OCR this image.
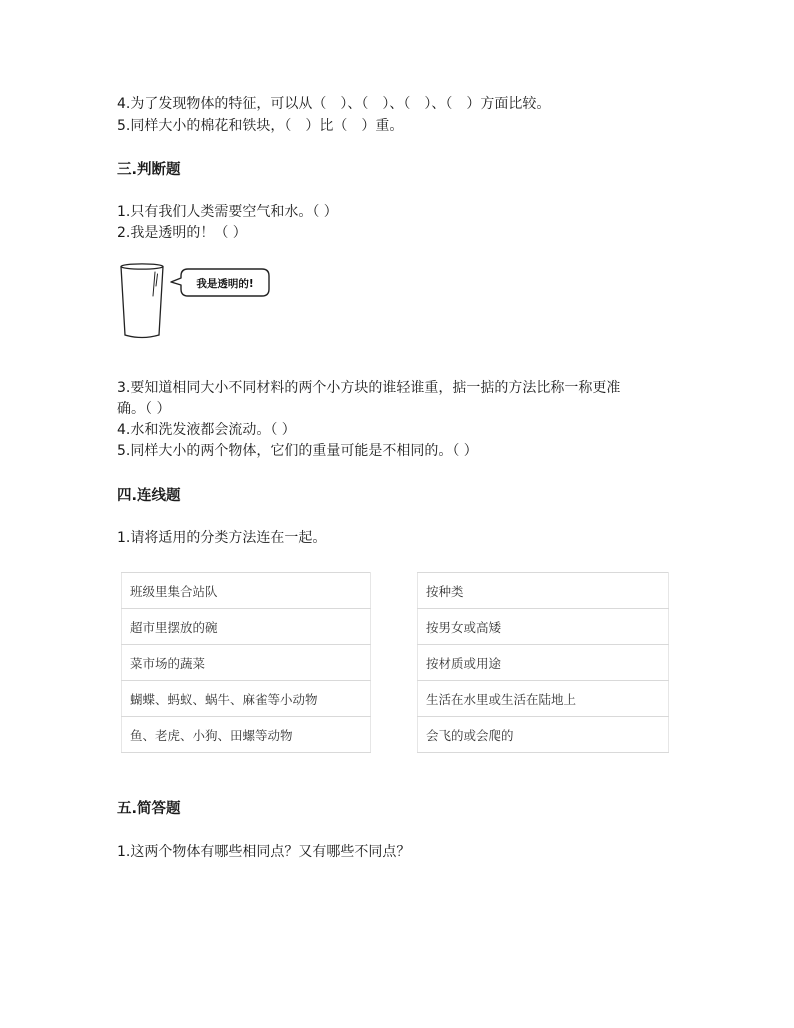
4.为了发现物体的特征，可以从（　）、（　）、（　）、（　）方面比较。
5.同样大小的棉花和铁块，（　）比（　）重。
三.判断题
1.只有我们人类需要空气和水。（ ）
2.我是透明的！（ ）
我是透明的!
3.要知道相同大小不同材料的两个小方块的谁轻谁重，掂一掂的方法比称一称更准
确。（ ）
4.水和洗发液都会流动。（ ）
5.同样大小的两个物体，它们的重量可能是不相同的。（ ）
四.连线题
1.请将适用的分类方法连在一起。
班级里集合站队
超市里摆放的碗
菜市场的蔬菜
蝴蝶、蚂蚁、蜗牛、麻雀等小动物
鱼、老虎、小狗、田螺等动物
按种类
按男女或高矮
按材质或用途
生活在水里或生活在陆地上
会飞的或会爬的
五.简答题
1.这两个物体有哪些相同点？又有哪些不同点？
